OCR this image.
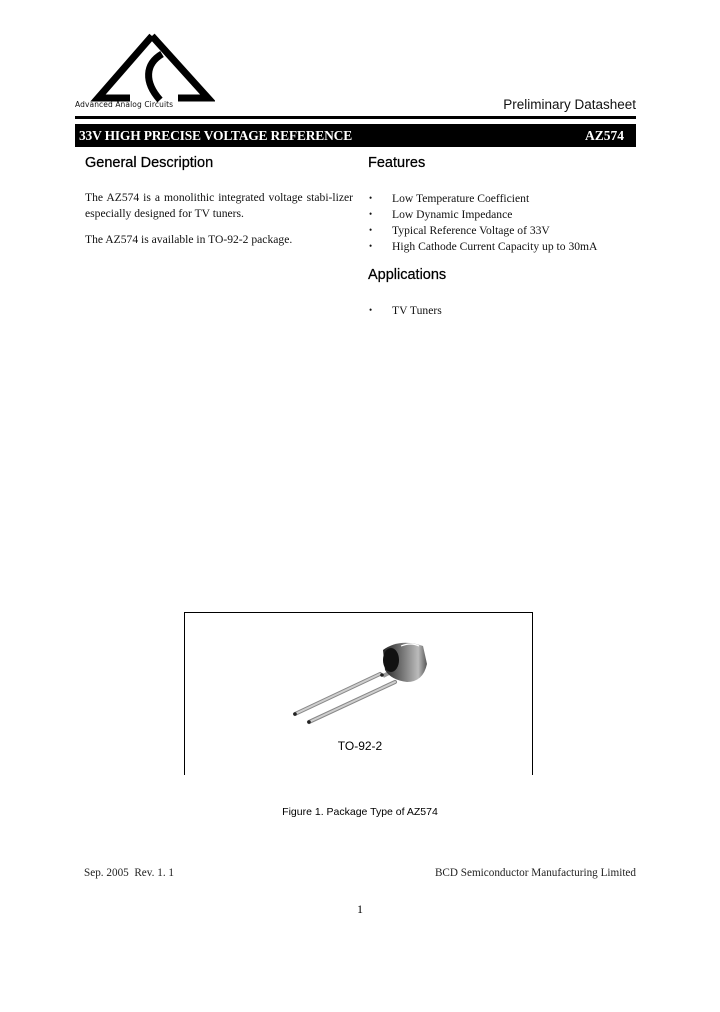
Advanced Analog Circuits	Preliminary Datasheet
33V HIGH PRECISE VOLTAGE REFERENCE	AZ574
General Description
The AZ574 is a monolithic integrated voltage stabi-lizer especially designed for TV tuners.
The AZ574 is available in TO-92-2 package.
Features
• Low Temperature Coefficient
• Low Dynamic Impedance
• Typical Reference Voltage of 33V
• High Cathode Current Capacity up to 30mA
Applications
• TV Tuners
TO-92-2
Figure 1. Package Type of AZ574
Sep. 2005  Rev. 1. 1	BCD Semiconductor Manufacturing Limited
1
